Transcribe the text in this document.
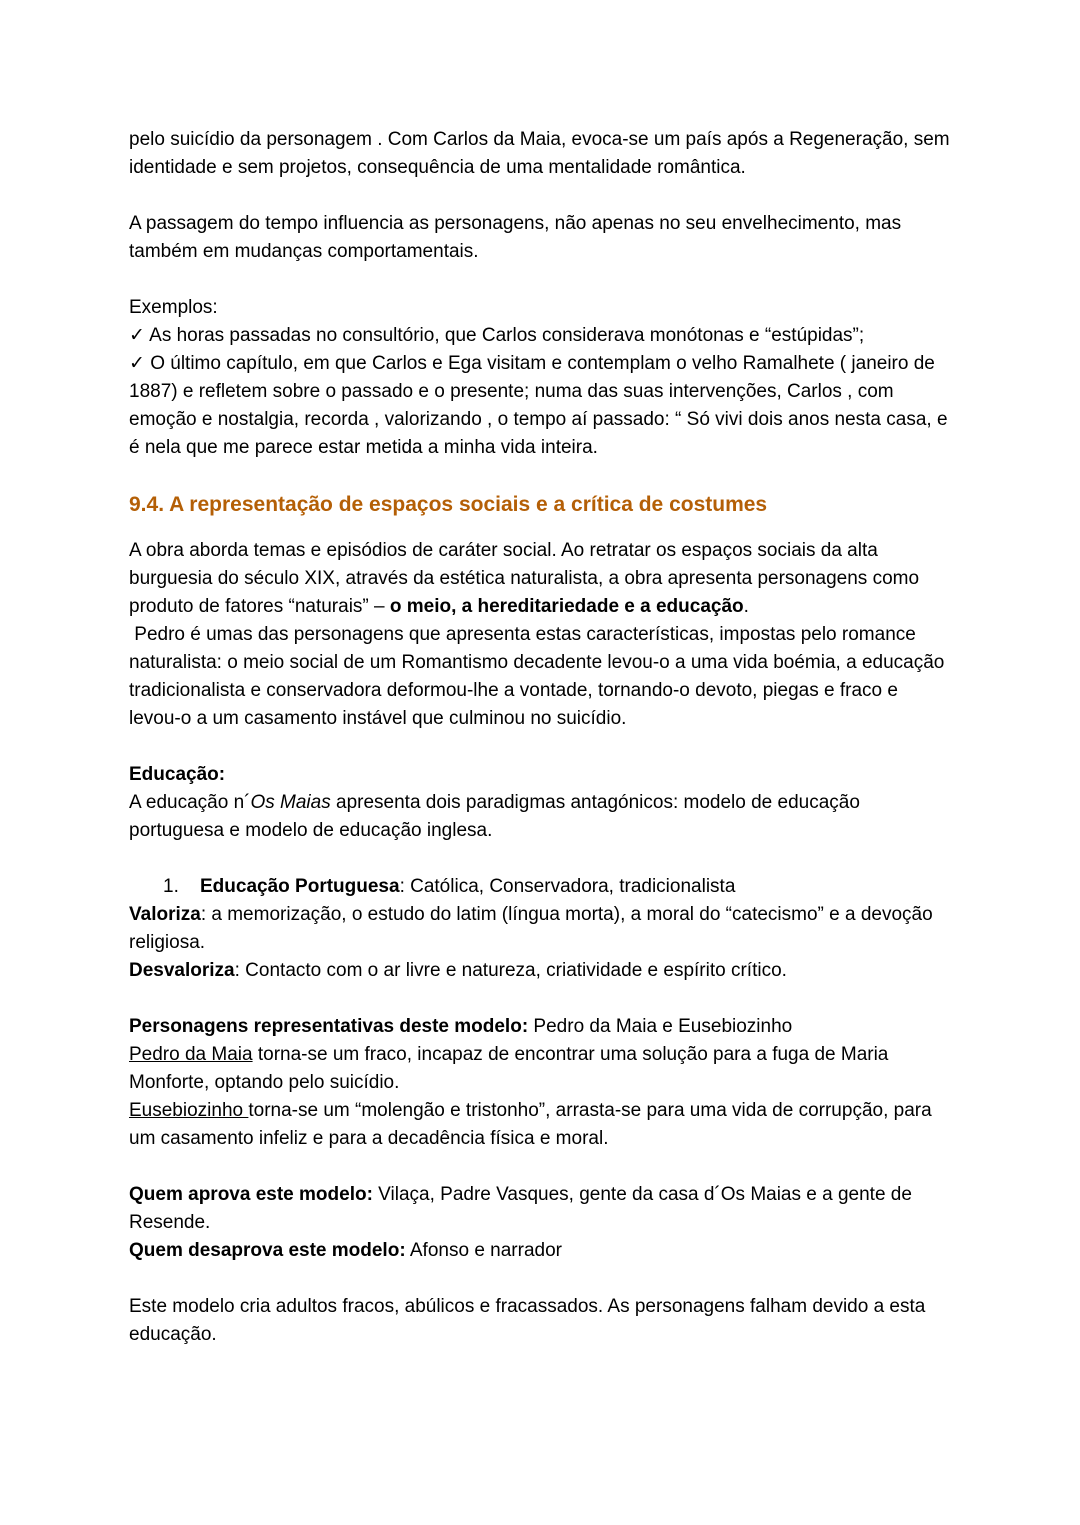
pelo suicídio da personagem . Com Carlos da Maia, evoca-se um país após a Regeneração, sem identidade e sem projetos, consequência de uma mentalidade romântica.

A passagem do tempo influencia as personagens, não apenas no seu envelhecimento, mas também em mudanças comportamentais.

Exemplos:

✓ As horas passadas no consultório, que Carlos considerava monótonas e “estúpidas”;

✓ O último capítulo, em que Carlos e Ega visitam e contemplam o velho Ramalhete ( janeiro de 1887) e refletem sobre o passado e o presente; numa das suas intervenções, Carlos , com emoção e nostalgia, recorda , valorizando , o tempo aí passado: “ Só vivi dois anos nesta casa, e é nela que me parece estar metida a minha vida inteira.

9.4. A representação de espaços sociais e a crítica de costumes

A obra aborda temas e episódios de caráter social. Ao retratar os espaços sociais da alta burguesia do século XIX, através da estética naturalista, a obra apresenta personagens como produto de fatores “naturais” – o meio, a hereditariedade e a educação.

Pedro é umas das personagens que apresenta estas características, impostas pelo romance naturalista: o meio social de um Romantismo decadente levou-o a uma vida boémia, a educação tradicionalista e conservadora deformou-lhe a vontade, tornando-o devoto, piegas e fraco e levou-o a um casamento instável que culminou no suicídio.

Educação:

A educação n´Os Maias apresenta dois paradigmas antagónicos: modelo de educação portuguesa e modelo de educação inglesa.

1. Educação Portuguesa: Católica, Conservadora, tradicionalista

Valoriza: a memorização, o estudo do latim (língua morta), a moral do “catecismo” e a devoção religiosa.

Desvaloriza: Contacto com o ar livre e natureza, criatividade e espírito crítico.

Personagens representativas deste modelo: Pedro da Maia e Eusebiozinho

Pedro da Maia torna-se um fraco, incapaz de encontrar uma solução para a fuga de Maria Monforte, optando pelo suicídio.

Eusebiozinho torna-se um “molengão e tristonho”, arrasta-se para uma vida de corrupção, para um casamento infeliz e para a decadência física e moral.

Quem aprova este modelo: Vilaça, Padre Vasques, gente da casa d´Os Maias e a gente de Resende.

Quem desaprova este modelo: Afonso e narrador

Este modelo cria adultos fracos, abúlicos e fracassados. As personagens falham devido a esta educação.
